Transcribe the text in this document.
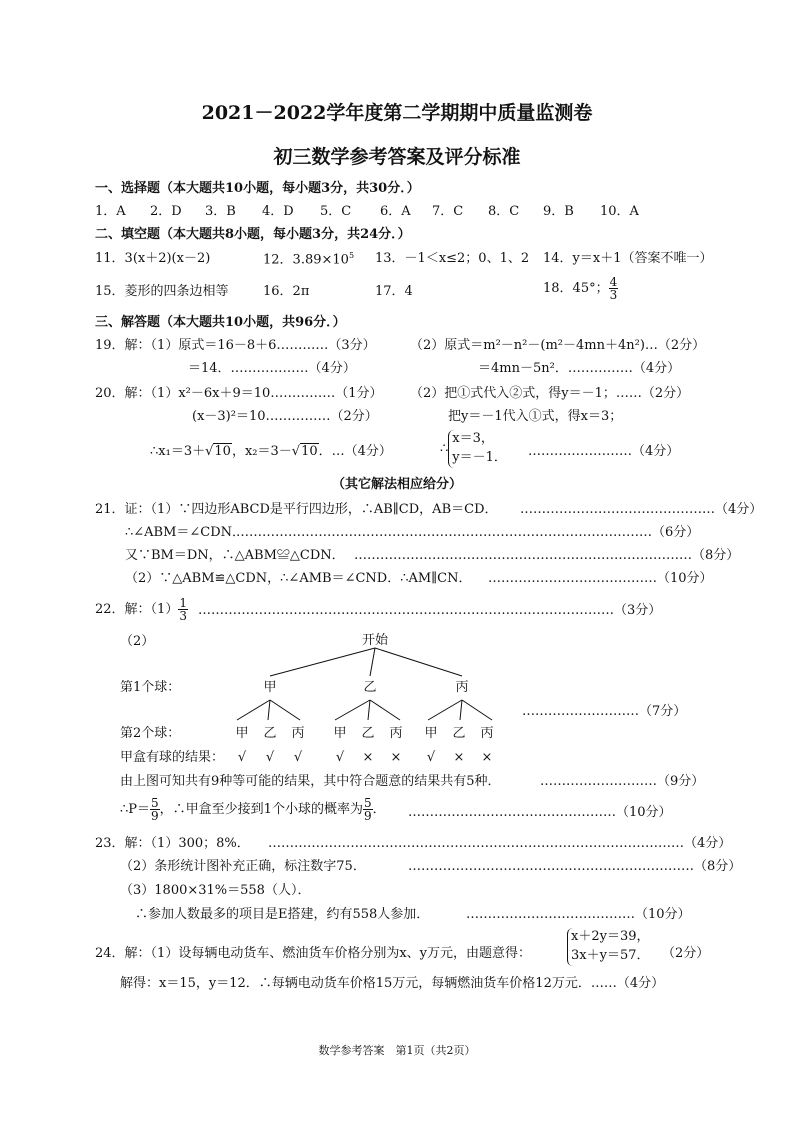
2021－2022学年度第二学期期中质量监测卷
初三数学参考答案及评分标准
一、选择题（本大题共10小题，每小题3分，共30分．）
1．A 2．D 3．B 4．D 5．C 6．A 7．C 8．C 9．B 10．A
二、填空题（本大题共8小题，每小题3分，共24分．）
11．3(x＋2)(x－2)	12．$3.89\times 10^5$ 13．－1＜x≤2；0、1、2 14．y＝x＋1（答案不唯一）
15．菱形的四条边相等	16．2π	17．4	18．45°； $\frac{4}{3}$
三、解答题（本大题共10小题，共96分．）
19．解：（1）原式＝16－8＋6…………（3分）
＝14．………………（4分）
（2）原式＝m²－n²－(m²－4mn＋4n²)…（2分）
＝4mn－5n²．……………（4分）
20．解：（1）x²－6x＋9＝10……………（1分）
(x－3)²＝10……………（2分）
∴x₁＝3＋√10，x₂＝3－√10．…（4分）
（2）把①式代入②式，得y＝－1；……（2分）
把y＝－1代入①式，得x＝3；
∴
x＝3，
y＝－1． ……………………（4分）
（其它解法相应给分）
21．证：（1）∵四边形ABCD是平行四边形，∴AB∥CD，AB＝CD． ………………………………………（4分）
∴∠ABM＝∠CDN．
……………………………………………………………………………………（6分）
又∵BM＝DN，∴△ABM≌△CDN． ……………………………………………………………………（8分）
（2）∵△ABM≌△CDN，∴∠AMB＝∠CND．∴AM∥CN． …………………………………（10分）
22．解：$(1) \frac{1}{3}$ ……………………………………………………………………………………（3分）
（2）	开始
第1个球：	甲	乙	丙
………………………（7分）
第2个球：	甲 乙 丙 甲 乙 丙 甲 乙 丙
甲盒有球的结果： √ √ √	√ × × √ × ×
由上图可知共有9种等可能的结果，其中符合题意的结果共有5种．	………………………（9分）
∴P＝ $\frac{5}{9}$ ，∴甲盒至少接到1个小球的概率为 $\frac{5}{9}$ ． …………………………………………（10分）
23．解：（1）300；8%． ……………………………………………………………………………………（4分）
（2）条形统计图补充正确，标注数字75．	…………………………………………………………（8分）
（3）1800×31%＝558（人）．
∴参加人数最多的项目是E搭建，约有558人参加．	…………………………………（10分）
24．解：（1）设每辆电动货车、燃油货车价格分别为x、y万元，由题意得：
x＋2y＝39，
3x＋y＝57． （2分）
解得：x＝15，y＝12．∴每辆电动货车价格15万元，每辆燃油货车价格12万元．……（4分）
数学参考答案　第1页（共2页）
